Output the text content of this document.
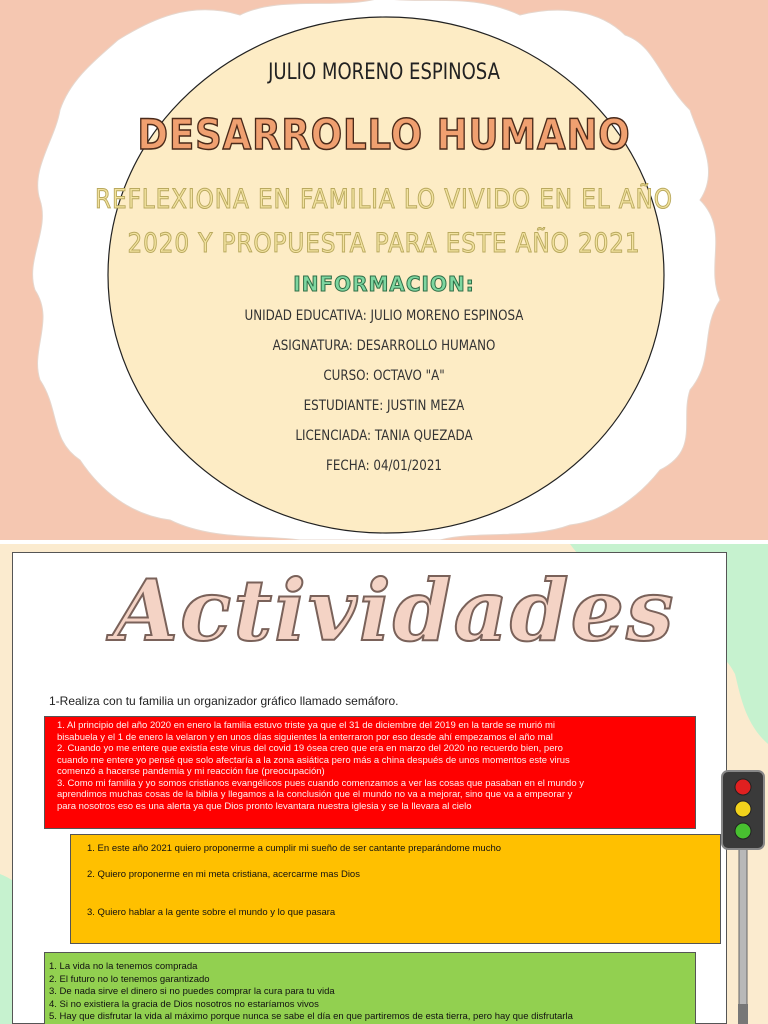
JULIO MORENO ESPINOSA
DESARROLLO HUMANO
REFLEXIONA EN FAMILIA LO VIVIDO EN EL AÑO
2020 Y PROPUESTA PARA ESTE AÑO 2021
INFORMACION:
UNIDAD EDUCATIVA: JULIO MORENO ESPINOSA
ASIGNATURA: DESARROLLO HUMANO
CURSO: OCTAVO "A"
ESTUDIANTE: JUSTIN MEZA
LICENCIADA: TANIA QUEZADA
FECHA: 04/01/2021
Actividades
1-Realiza con tu familia un organizador gráfico llamado semáforo.
1. Al principio del año 2020 en enero la familia estuvo triste ya que el 31 de diciembre del 2019 en la tarde se murió mi
bisabuela y el 1 de enero la velaron y en unos días siguientes la enterraron por eso desde ahí empezamos el año mal
2. Cuando yo me entere que existía este virus del covid 19 ósea creo que era en marzo del 2020 no recuerdo bien, pero
cuando me entere yo pensé que solo afectaría a la zona asiática pero más a china después de unos momentos este virus
comenzó a hacerse pandemia y mi reacción fue (preocupación)
3. Como mi familia y yo somos cristianos evangélicos pues cuando comenzamos a ver las cosas que pasaban en el mundo y
aprendimos muchas cosas de la biblia y llegamos a la conclusión que el mundo no va a mejorar, sino que va a empeorar y
para nosotros eso es una alerta ya que Dios pronto levantara nuestra iglesia y se la llevara al cielo
1. En este año 2021 quiero proponerme a cumplir mi sueño de ser cantante preparándome mucho
2. Quiero proponerme en mi meta cristiana, acercarme mas Dios
3. Quiero hablar a la gente sobre el mundo y lo que pasara
1. La vida no la tenemos comprada
2. El futuro no lo tenemos garantizado
3. De nada sirve el dinero si no puedes comprar la cura para tu vida
4. Si no existiera la gracia de Dios nosotros no estaríamos vivos
5. Hay que disfrutar la vida al máximo porque nunca se sabe el día en que partiremos de esta tierra, pero hay que disfrutarla
